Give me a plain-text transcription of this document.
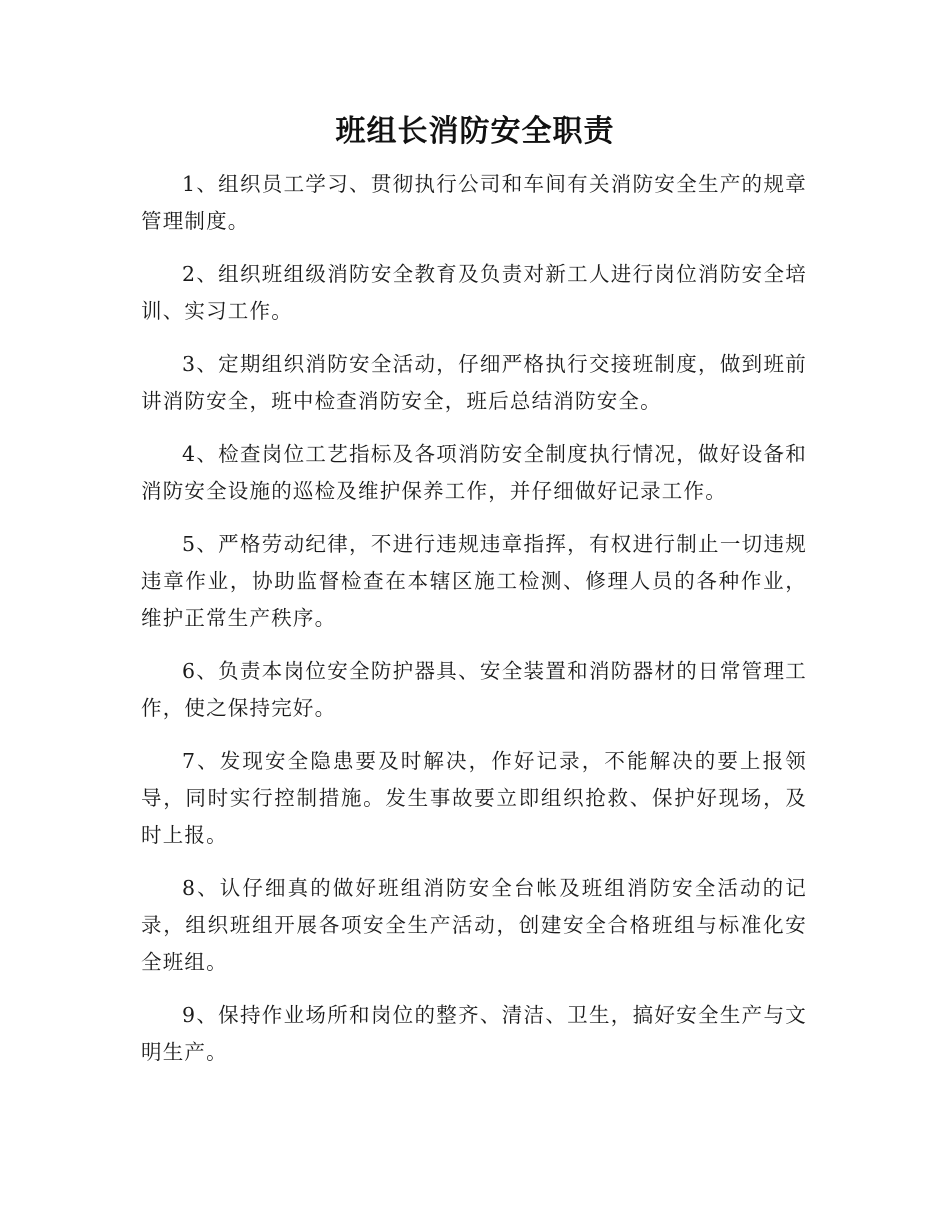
班组长消防安全职责

1、组织员工学习、贯彻执行公司和车间有关消防安全生产的规章管理制度。

2、组织班组级消防安全教育及负责对新工人进行岗位消防安全培训、实习工作。

3、定期组织消防安全活动，仔细严格执行交接班制度，做到班前讲消防安全，班中检查消防安全，班后总结消防安全。

4、检查岗位工艺指标及各项消防安全制度执行情况，做好设备和消防安全设施的巡检及维护保养工作，并仔细做好记录工作。

5、严格劳动纪律，不进行违规违章指挥，有权进行制止一切违规违章作业，协助监督检查在本辖区施工检测、修理人员的各种作业，维护正常生产秩序。

6、负责本岗位安全防护器具、安全装置和消防器材的日常管理工作，使之保持完好。

7、发现安全隐患要及时解决，作好记录，不能解决的要上报领导，同时实行控制措施。发生事故要立即组织抢救、保护好现场，及时上报。

8、认仔细真的做好班组消防安全台帐及班组消防安全活动的记录，组织班组开展各项安全生产活动，创建安全合格班组与标准化安全班组。

9、保持作业场所和岗位的整齐、清洁、卫生，搞好安全生产与文明生产。
